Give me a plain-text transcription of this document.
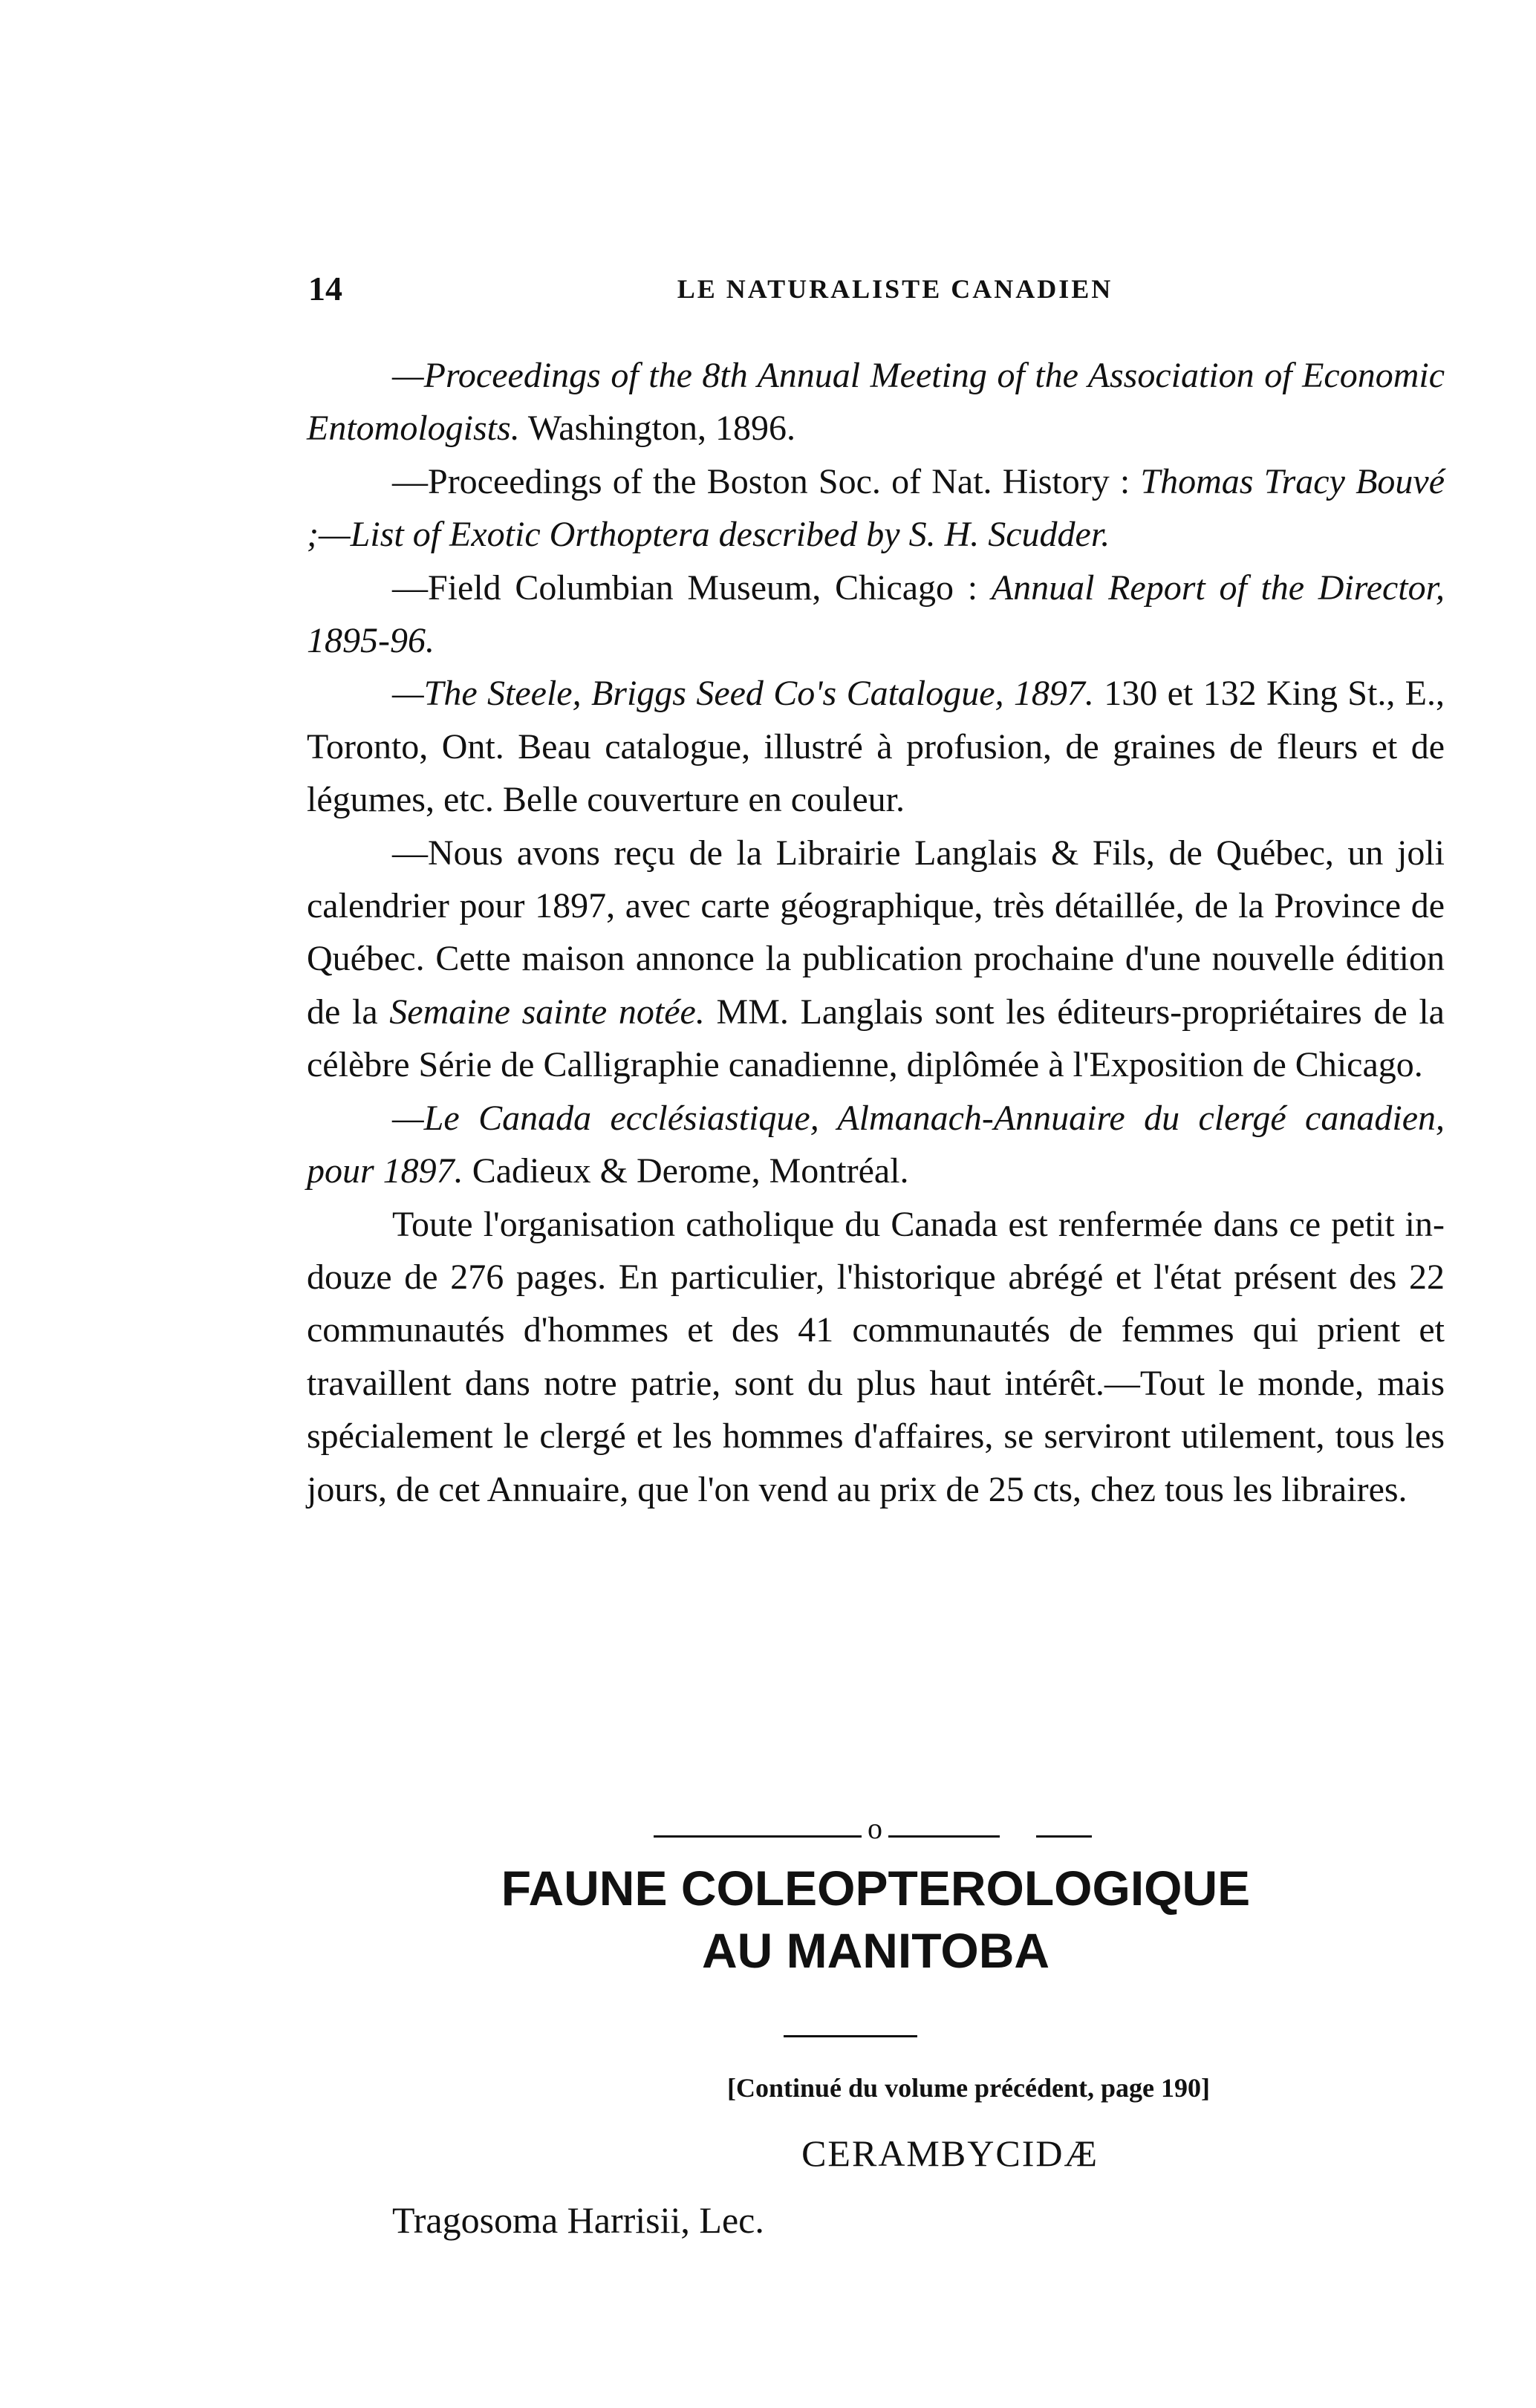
14	LE NATURALISTE CANADIEN

—Proceedings of the 8th Annual Meeting of the Association of Economic Entomologists. Washington, 1896.

—Proceedings of the Boston Soc. of Nat. History : Thomas Tracy Bouvé ;—List of Exotic Orthoptera described by S. H. Scudder.

—Field Columbian Museum, Chicago : Annual Report of the Director, 1895-96.

—The Steele, Briggs Seed Co's Catalogue, 1897. 130 et 132 King St., E., Toronto, Ont. Beau catalogue, illustré à profusion, de graines de fleurs et de légumes, etc. Belle couverture en couleur.

—Nous avons reçu de la Librairie Langlais & Fils, de Québec, un joli calendrier pour 1897, avec carte géographique, très détaillée, de la Province de Québec. Cette maison annonce la publication prochaine d'une nouvelle édition de la Semaine sainte notée. MM. Langlais sont les éditeurs-propriétaires de la célèbre Série de Calligraphie canadienne, diplômée à l'Exposition de Chicago.

—Le Canada ecclésiastique, Almanach-Annuaire du clergé canadien, pour 1897. Cadieux & Derome, Montréal.

Toute l'organisation catholique du Canada est renfermée dans ce petit in-douze de 276 pages. En particulier, l'historique abrégé et l'état présent des 22 communautés d'hommes et des 41 communautés de femmes qui prient et travaillent dans notre patrie, sont du plus haut intérêt.—Tout le monde, mais spécialement le clergé et les hommes d'affaires, se serviront utilement, tous les jours, de cet Annuaire, que l'on vend au prix de 25 cts, chez tous les libraires.

o
FAUNE COLEOPTEROLOGIQUE
AU MANITOBA
[Continué du volume précédent, page 190]
CERAMBYCIDÆ
Tragosoma Harrisii, Lec.
